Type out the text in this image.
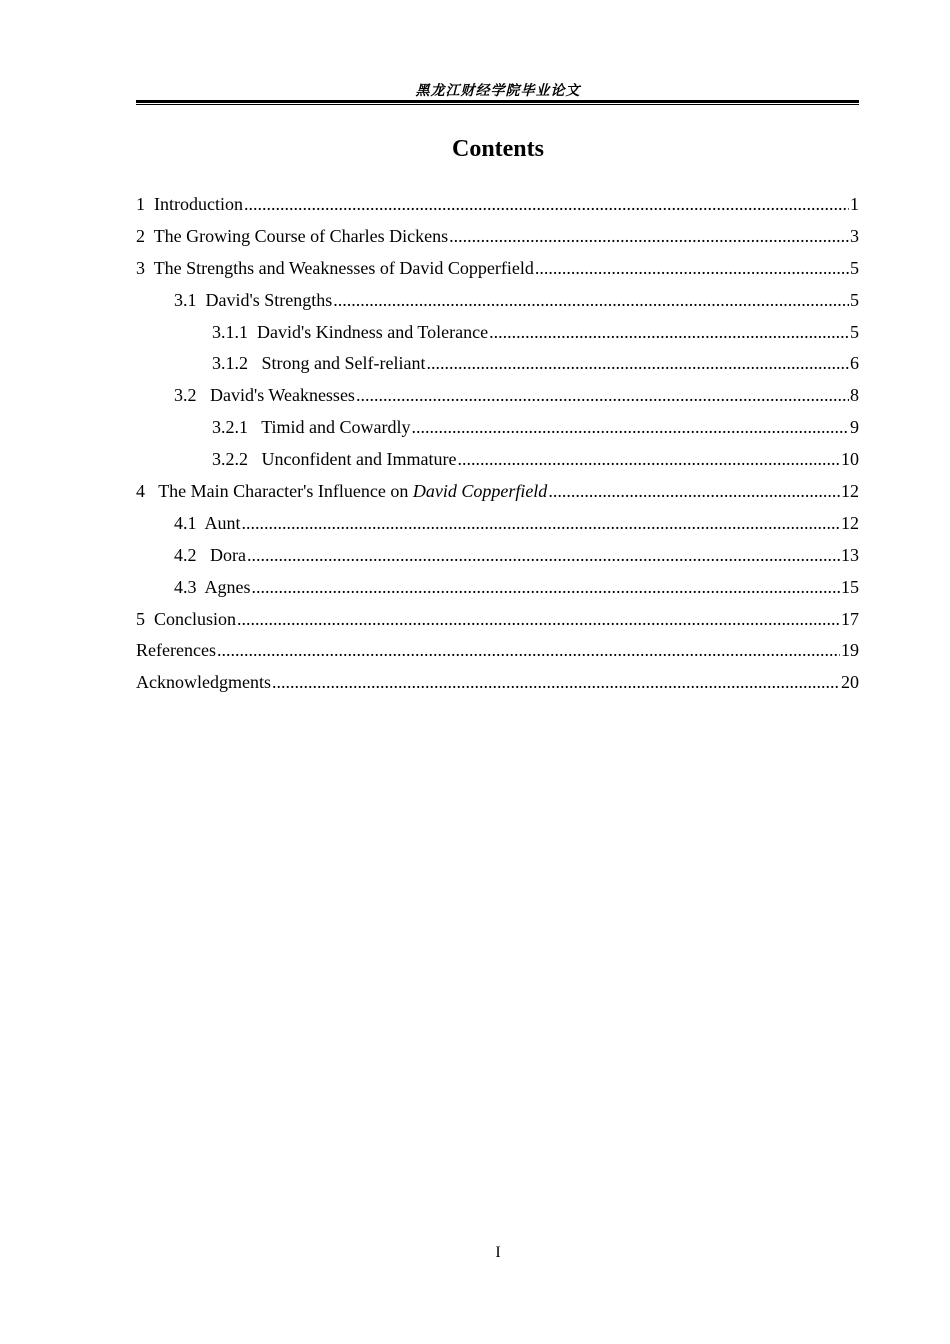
黑龙江财经学院毕业论文
Contents
1  Introduction .....	1
2  The Growing Course of Charles Dickens .....	3
3  The Strengths and Weaknesses of David Copperfield .....	5
3.1  David's Strengths .....	5
3.1.1  David's Kindness and Tolerance .....	5
3.1.2   Strong and Self-reliant .....	6
3.2   David's Weaknesses .....	8
3.2.1   Timid and Cowardly .....	9
3.2.2   Unconfident and Immature .....	10
4   The Main Character's Influence on David Copperfield .....	12
4.1  Aunt .....	12
4.2   Dora .....	13
4.3  Agnes .....	15
5  Conclusion .....	17
References .....	19
Acknowledgments .....	20
I
